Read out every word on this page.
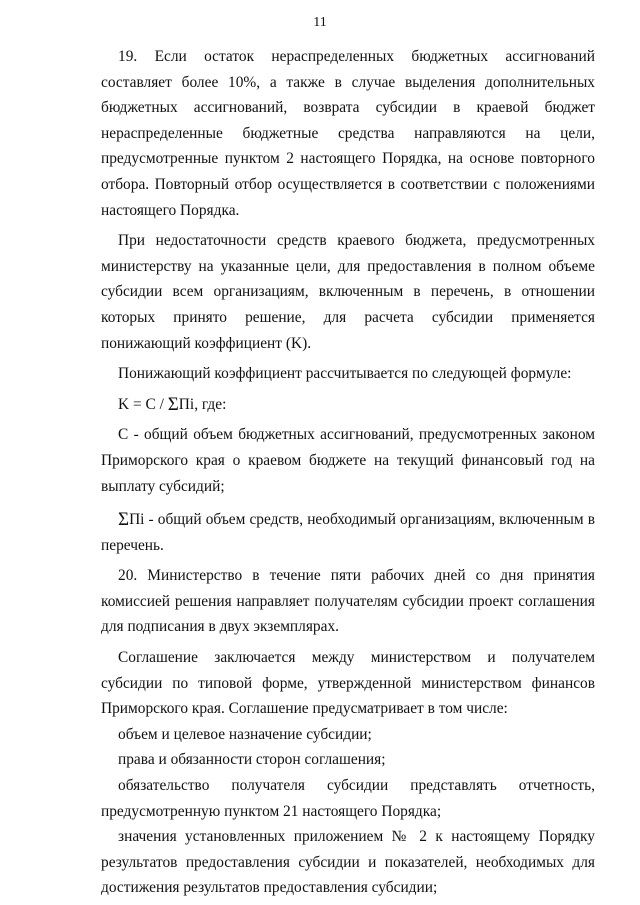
11

19. Если остаток нераспределенных бюджетных ассигнований составляет более 10%, а также в случае выделения дополнительных бюджетных ассигнований, возврата субсидии в краевой бюджет нераспределенные бюджетные средства направляются на цели, предусмотренные пунктом 2 настоящего Порядка, на основе повторного отбора. Повторный отбор осуществляется в соответствии с положениями настоящего Порядка.

При недостаточности средств краевого бюджета, предусмотренных министерству на указанные цели, для предоставления в полном объеме субсидии всем организациям, включенным в перечень, в отношении которых принято решение, для расчета субсидии применяется понижающий коэффициент (K).

Понижающий коэффициент рассчитывается по следующей формуле:

K = C / ΣПi, где:

C - общий объем бюджетных ассигнований, предусмотренных законом Приморского края о краевом бюджете на текущий финансовый год на выплату субсидий;

ΣПi - общий объем средств, необходимый организациям, включенным в перечень.

20. Министерство в течение пяти рабочих дней со дня принятия комиссией решения направляет получателям субсидии проект соглашения для подписания в двух экземплярах.

Соглашение заключается между министерством и получателем субсидии по типовой форме, утвержденной министерством финансов Приморского края. Соглашение предусматривает в том числе:

объем и целевое назначение субсидии;

права и обязанности сторон соглашения;

обязательство получателя субсидии представлять отчетность, предусмотренную пунктом 21 настоящего Порядка;

значения установленных приложением № 2 к настоящему Порядку результатов предоставления субсидии и показателей, необходимых для достижения результатов предоставления субсидии;
